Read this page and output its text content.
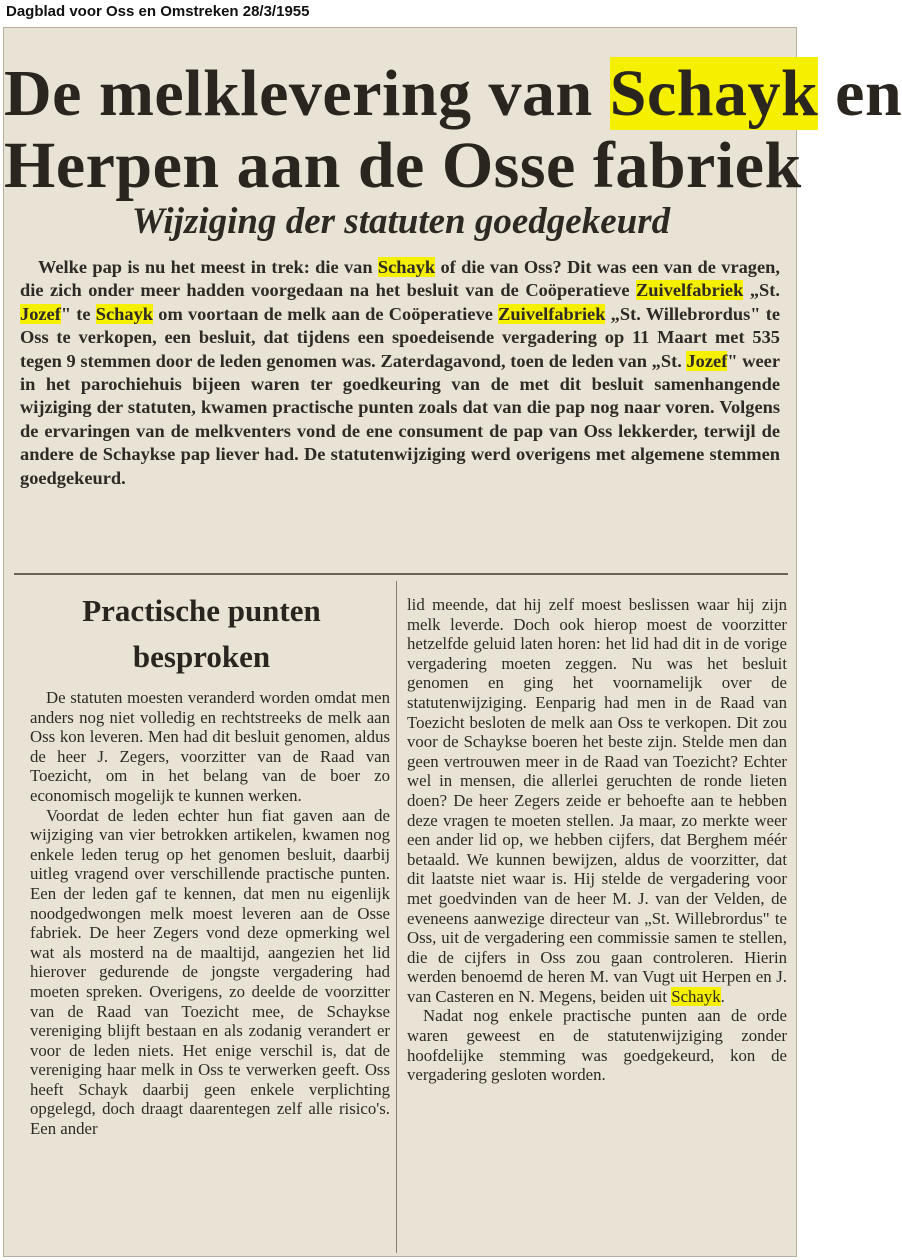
Dagblad voor Oss en Omstreken 28/3/1955
De melklevering van Schayk en
Herpen aan de Osse fabriek
Wijziging der statuten goedgekeurd
Welke pap is nu het meest in trek: die van Schayk of die van Oss? Dit was een van de vragen, die zich onder meer hadden voorgedaan na het besluit van de Coöperatieve Zuivelfabriek „St. Jozef" te Schayk om voortaan de melk aan de Coöperatieve Zuivelfabriek „St. Willebrordus" te Oss te verkopen, een besluit, dat tijdens een spoedeisende vergadering op 11 Maart met 535 tegen 9 stemmen door de leden genomen was. Zaterdagavond, toen de leden van „St. Jozef" weer in het parochiehuis bijeen waren ter goedkeuring van de met dit besluit samenhangende wijziging der statuten, kwamen practische punten zoals dat van die pap nog naar voren. Volgens de ervaringen van de melkventers vond de ene consument de pap van Oss lekkerder, terwijl de andere de Schaykse pap liever had. De statutenwijziging werd overigens met algemene stemmen goedgekeurd.
Practische punten
besproken

De statuten moesten veranderd worden omdat men anders nog niet volledig en rechtstreeks de melk aan Oss kon leveren. Men had dit besluit genomen, aldus de heer J. Zegers, voorzitter van de Raad van Toezicht, om in het belang van de boer zo economisch mogelijk te kunnen werken.

Voordat de leden echter hun fiat gaven aan de wijziging van vier betrokken artikelen, kwamen nog enkele leden terug op het genomen besluit, daarbij uitleg vragend over verschillende practische punten. Een der leden gaf te kennen, dat men nu eigenlijk noodgedwongen melk moest leveren aan de Osse fabriek. De heer Zegers vond deze opmerking wel wat als mosterd na de maaltijd, aangezien het lid hierover gedurende de jongste vergadering had moeten spreken. Overigens, zo deelde de voorzitter van de Raad van Toezicht mee, de Schaykse vereniging blijft bestaan en als zodanig verandert er voor de leden niets. Het enige verschil is, dat de vereniging haar melk in Oss te verwerken geeft. Oss heeft Schayk daarbij geen enkele verplichting opgelegd, doch draagt daarentegen zelf alle risico's. Een ander

lid meende, dat hij zelf moest beslissen waar hij zijn melk leverde. Doch ook hierop moest de voorzitter hetzelfde geluid laten horen: het lid had dit in de vorige vergadering moeten zeggen. Nu was het besluit genomen en ging het voornamelijk over de statutenwijziging. Eenparig had men in de Raad van Toezicht besloten de melk aan Oss te verkopen. Dit zou voor de Schaykse boeren het beste zijn. Stelde men dan geen vertrouwen meer in de Raad van Toezicht? Echter wel in mensen, die allerlei geruchten de ronde lieten doen? De heer Zegers zeide er behoefte aan te hebben deze vragen te moeten stellen. Ja maar, zo merkte weer een ander lid op, we hebben cijfers, dat Berghem méér betaald. We kunnen bewijzen, aldus de voorzitter, dat dit laatste niet waar is. Hij stelde de vergadering voor met goedvinden van de heer M. J. van der Velden, de eveneens aanwezige directeur van „St. Willebrordus" te Oss, uit de vergadering een commissie samen te stellen, die de cijfers in Oss zou gaan controleren. Hierin werden benoemd de heren M. van Vugt uit Herpen en J. van Casteren en N. Megens, beiden uit Schayk.

Nadat nog enkele practische punten aan de orde waren geweest en de statutenwijziging zonder hoofdelijke stemming was goedgekeurd, kon de vergadering gesloten worden.
